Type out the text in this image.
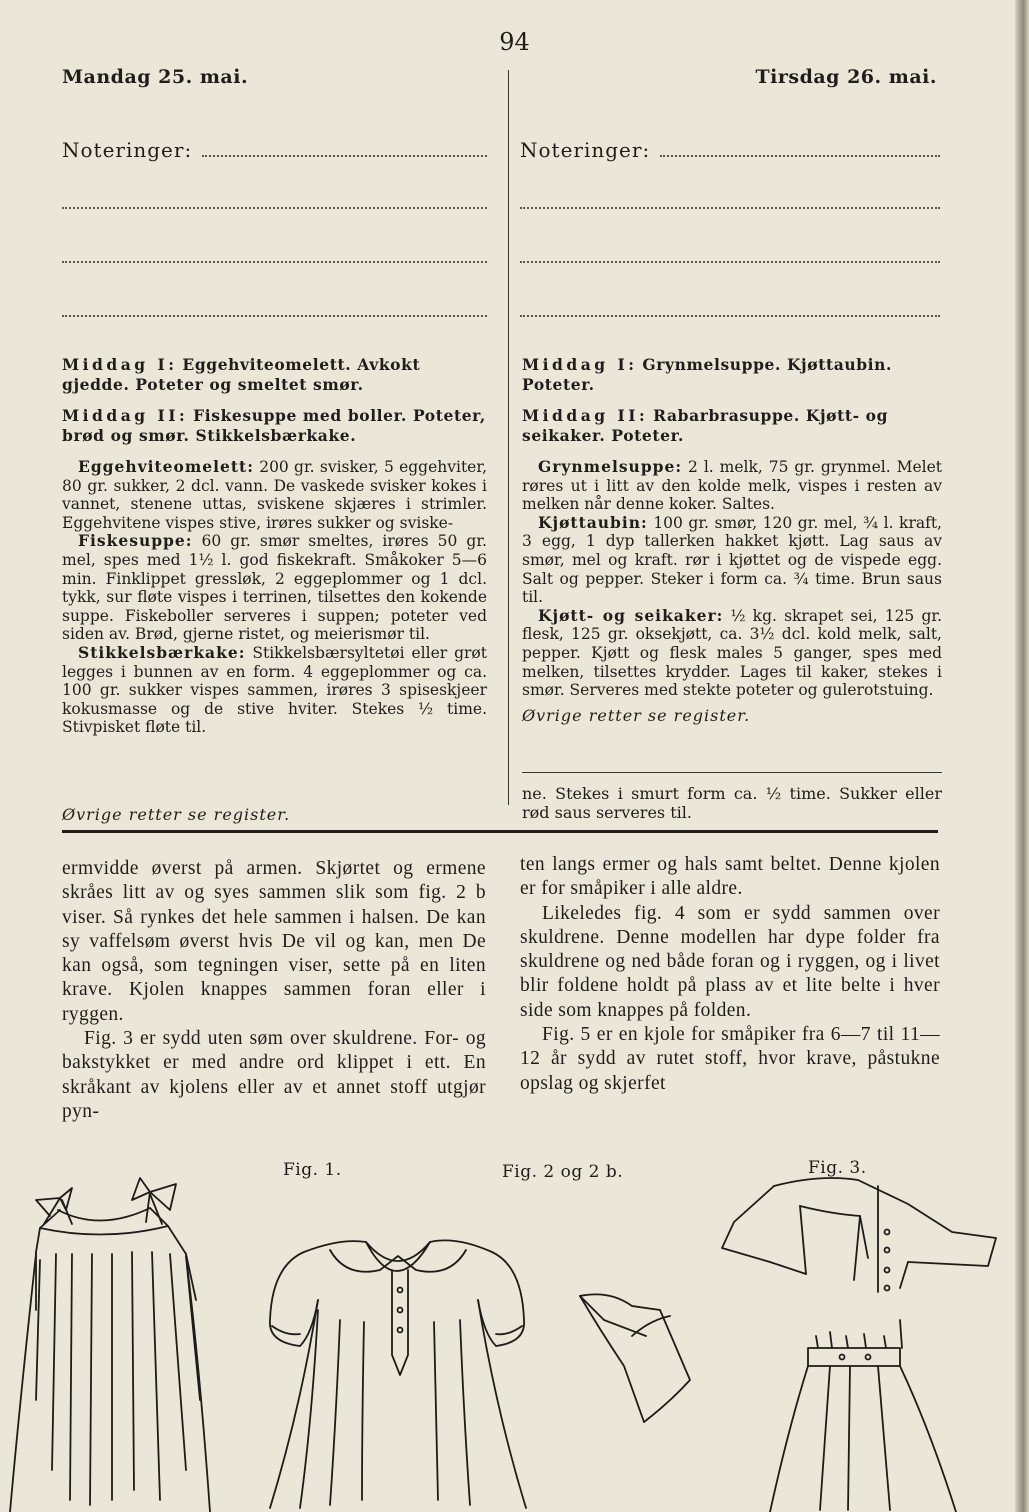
94
Mandag 25. mai.	Tirsdag 26. mai.
Noteringer:	Noteringer:
Middag I: Eggehviteomelett. Avkokt gjedde. Poteter og smeltet smør.
Middag II: Fiskesuppe med boller. Poteter, brød og smør. Stikkelsbærkake.

Eggehviteomelett: 200 gr. svisker, 5 eggehviter, 80 gr. sukker, 2 dcl. vann. De vaskede svisker kokes i vannet, stenene uttas, sviskene skjæres i strimler. Eggehvitene vispes stive, irøres sukker og sviske-

Fiskesuppe: 60 gr. smør smeltes, irøres 50 gr. mel, spes med 1½ l. god fiskekraft. Småkoker 5—6 min. Finklippet gressløk, 2 eggeplommer og 1 dcl. tykk, sur fløte vispes i terrinen, tilsettes den kokende suppe. Fiskeboller serveres i suppen; poteter ved siden av. Brød, gjerne ristet, og meierismør til.

Stikkelsbærkake: Stikkelsbærsyltetøi eller grøt legges i bunnen av en form. 4 eggeplommer og ca. 100 gr. sukker vispes sammen, irøres 3 spiseskjeer kokusmasse og de stive hviter. Stekes ½ time. Stivpisket fløte til.

Øvrige retter se register.
Middag I: Grynmelsuppe. Kjøttaubin. Poteter.
Middag II: Rabarbrasuppe. Kjøtt- og seikaker. Poteter.

Grynmelsuppe: 2 l. melk, 75 gr. grynmel. Melet røres ut i litt av den kolde melk, vispes i resten av melken når denne koker. Saltes.

Kjøttaubin: 100 gr. smør, 120 gr. mel, ¾ l. kraft, 3 egg, 1 dyp tallerken hakket kjøtt. Lag saus av smør, mel og kraft. rør i kjøttet og de vispede egg. Salt og pepper. Steker i form ca. ¾ time. Brun saus til.

Kjøtt- og seikaker: ½ kg. skrapet sei, 125 gr. flesk, 125 gr. oksekjøtt, ca. 3½ dcl. kold melk, salt, pepper. Kjøtt og flesk males 5 ganger, spes med melken, tilsettes krydder. Lages til kaker, stekes i smør. Serveres med stekte poteter og gulerotstuing.

Øvrige retter se register.
ne. Stekes i smurt form ca. ½ time. Sukker eller rød saus serveres til.

ermvidde øverst på armen. Skjørtet og ermene skråes litt av og syes sammen slik som fig. 2 b viser. Så rynkes det hele sammen i halsen. De kan sy vaffelsøm øverst hvis De vil og kan, men De kan også, som tegningen viser, sette på en liten krave. Kjolen knappes sammen foran eller i ryggen.

Fig. 3 er sydd uten søm over skuldrene. For- og bakstykket er med andre ord klippet i ett. En skråkant av kjolens eller av et annet stoff utgjør pyn-

ten langs ermer og hals samt beltet. Denne kjolen er for småpiker i alle aldre.

Likeledes fig. 4 som er sydd sammen over skuldrene. Denne modellen har dype folder fra skuldrene og ned både foran og i ryggen, og i livet blir foldene holdt på plass av et lite belte i hver side som knappes på folden.

Fig. 5 er en kjole for småpiker fra 6—7 til 11—12 år sydd av rutet stoff, hvor krave, påstukne opslag og skjerfet

Fig. 1.	Fig. 2 og 2 b.	Fig. 3.
